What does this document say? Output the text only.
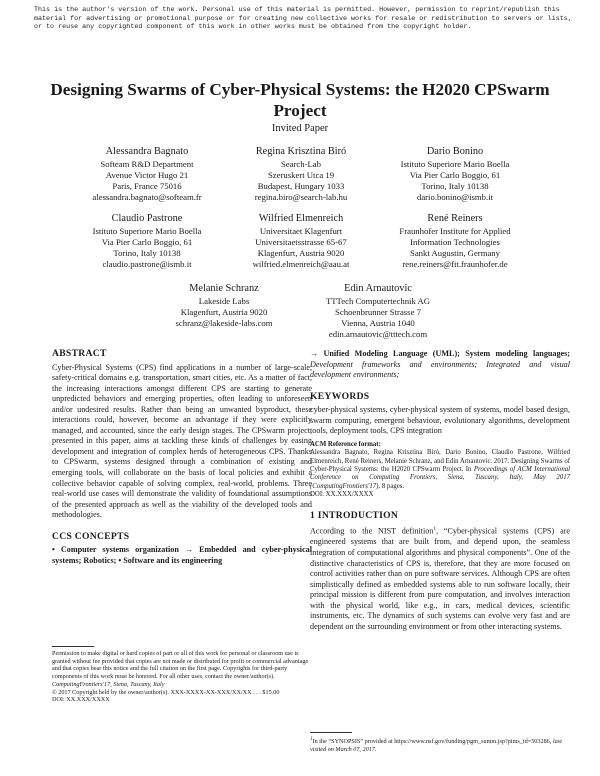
This is the author's version of the work. Personal use of this material is permitted. However, permission to reprint/republish this material for advertising or promotional purpose or for creating new collective works for resale or redistribution to servers or lists, or to reuse any copyrighted component of this work in other works must be obtained from the copyright holder.
Designing Swarms of Cyber-Physical Systems: the H2020 CPSwarm Project
Invited Paper
Alessandra Bagnato
Softeam R&D Department
Avenue Victor Hugo 21
Paris, France 75016
alessandra.bagnato@softeam.fr
Regina Krisztina Biró
Search-Lab
Szeruskert Utca 19
Budapest, Hungary 1033
regina.biro@search-lab.hu
Dario Bonino
Istituto Superiore Mario Boella
Via Pier Carlo Boggio, 61
Torino, Italy 10138
dario.bonino@ismb.it
Claudio Pastrone
Istituto Superiore Mario Boella
Via Pier Carlo Boggio, 61
Torino, Italy 10138
claudio.pastrone@ismb.it
Wilfried Elmenreich
Universitaet Klagenfurt
Universitaetsstrasse 65-67
Klagenfurt, Austria 9020
wilfried.elmenreich@aau.at
René Reiners
Fraunhofer Institute for Applied
Information Technologies
Sankt Augustin, Germany
rene.reiners@fit.fraunhofer.de
Melanie Schranz
Lakeside Labs
Klagenfurt, Austria 9020
schranz@lakeside-labs.com
Edin Arnautovic
TTTech Computertechnik AG
Schoenbrunner Strasse 7
Vienna, Austria 1040
edin.arnautovic@tttech.com
ABSTRACT

Cyber-Physical Systems (CPS) find applications in a number of large-scale, safety-critical domains e.g. transportation, smart cities, etc. As a matter of fact, the increasing interactions amongst different CPS are starting to generate unpredicted behaviors and emerging properties, often leading to unforeseen and/or undesired results. Rather than being an unwanted byproduct, these interactions could, however, become an advantage if they were explicitly managed, and accounted, since the early design stages. The CPSwarm project, presented in this paper, aims at tackling these kinds of challenges by easing development and integration of complex herds of heterogeneous CPS. Thanks to CPSwarm, systems designed through a combination of existing and emerging tools, will collaborate on the basis of local policies and exhibit a collective behavior capable of solving complex, real-world, problems. Three real-world use cases will demonstrate the validity of foundational assumptions of the presented approach as well as the viability of the developed tools and methodologies.

CCS CONCEPTS

• Computer systems organization → Embedded and cyber-physical systems; Robotics; • Software and its engineering

→ Unified Modeling Language (UML); System modeling languages; Development frameworks and environments; Integrated and visual development environments;

KEYWORDS

cyber-physical systems, cyber-physical system of systems, model based design, swarm computing, emergent behaviour, evolutionary algorithms, development tools, deployment tools, CPS integration

ACM Reference format:

Alessandra Bagnato, Regina Krisztina Biró, Dario Bonino, Claudio Pastrone, Wilfried Elmenreich, René Reiners, Melanie Schranz, and Edin Arnautovic. 2017. Designing Swarms of Cyber-Physical Systems: the H2020 CPSwarm Project. In Proceedings of ACM International Conference on Computing Frontiers, Siena, Tuscany, Italy, May 2017 (ComputingFrontiers'17), 8 pages.
DOI: XX.XXX/XXXX

1 INTRODUCTION

According to the NIST definition$^1$, “Cyber-physical systems (CPS) are engineered systems that are built from, and depend upon, the seamless integration of computational algorithms and physical components”. One of the distinctive characteristics of CPS is, therefore, that they are more focused on control activities rather than on pure software services. Although CPS are often simplistically defined as embedded systems able to run software locally, their principal mission is different from pure computation, and involves interaction with the physical world, like e.g., in cars, medical devices, scientific instruments, etc. The dynamics of such systems can evolve very fast and are dependent on the surrounding environment or from other interacting systems.

Permission to make digital or hard copies of part or all of this work for personal or classroom use is granted without fee provided that copies are not made or distributed for profit or commercial advantage and that copies bear this notice and the full citation on the first page. Copyrights for third-party components of this work must be honored. For all other uses, contact the owner/author(s).
ComputingFrontiers'17, Siena, Tuscany, Italy
© 2017 Copyright held by the owner/author(s). XXX-XXXX-XX-XXX/XX/XX . . . $15.00
DOI: XX.XXX/XXXX
$^1$In the “SYNOPSIS” provided at https://www.nsf.gov/funding/pgm_summ.jsp?pims_id=503286, last visited on March 07, 2017.
